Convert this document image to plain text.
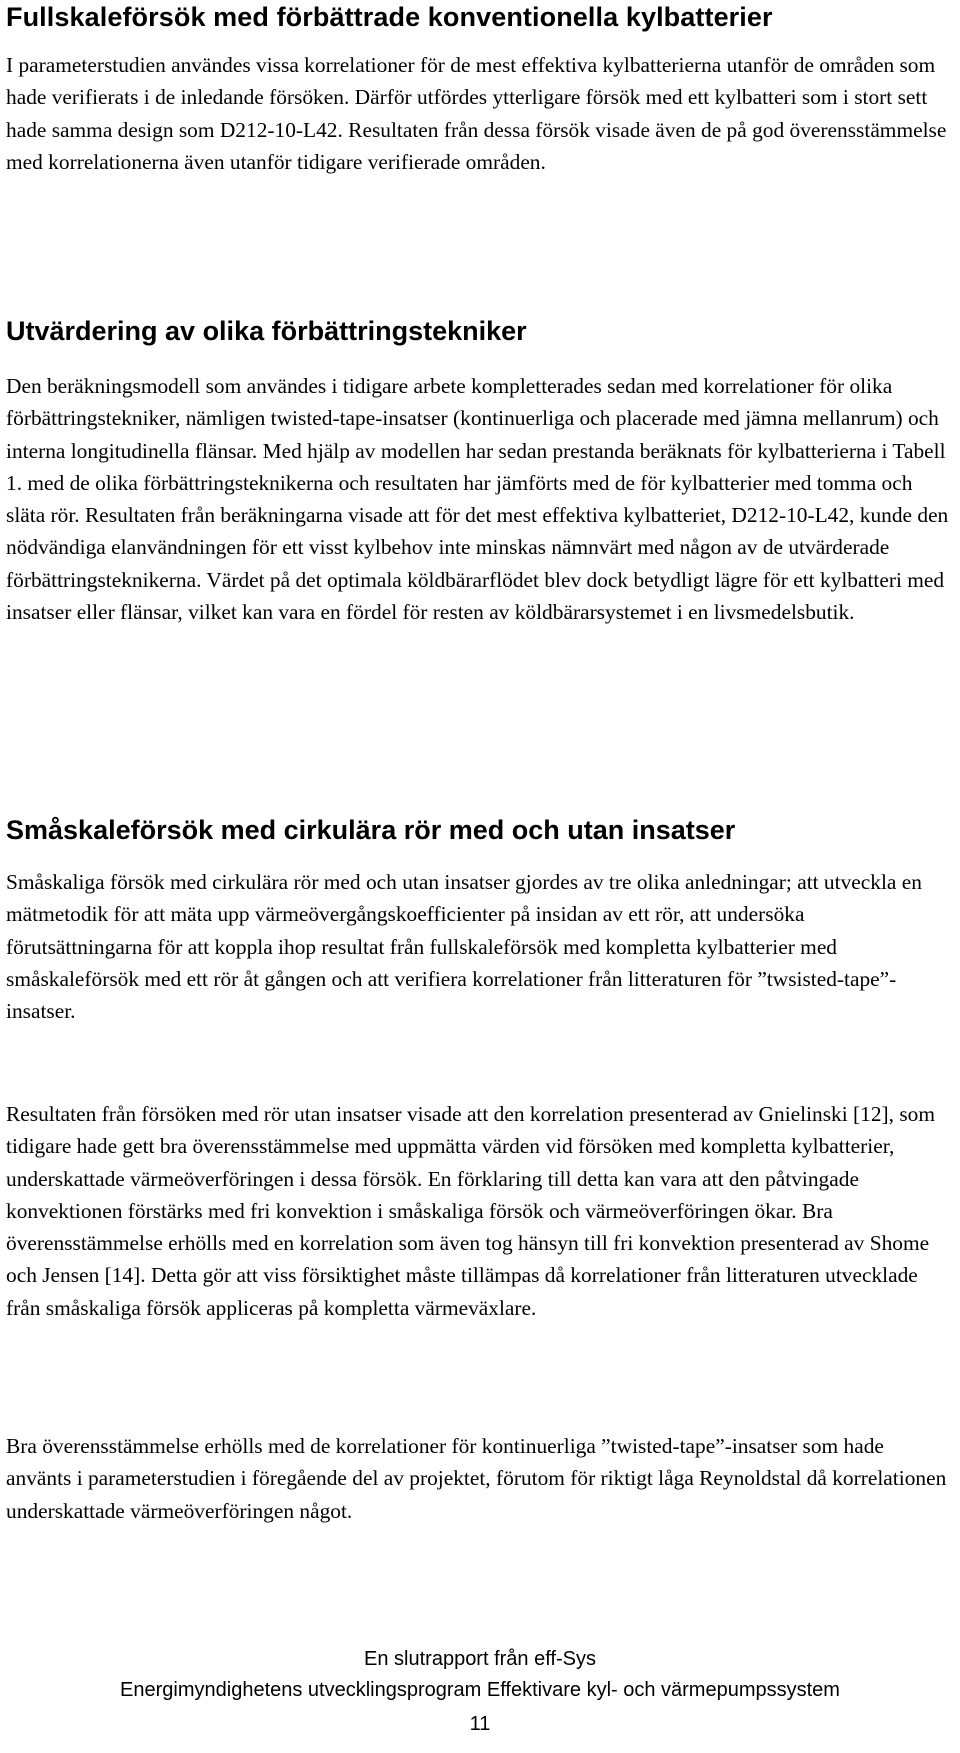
Fullskaleförsök med förbättrade konventionella kylbatterier

I parameterstudien användes vissa korrelationer för de mest effektiva kylbatterierna utanför de områden som hade verifierats i de inledande försöken. Därför utfördes ytterligare försök med ett kylbatteri som i stort sett hade samma design som D212-10-L42. Resultaten från dessa försök visade även de på god överensstämmelse med korrelationerna även utanför tidigare verifierade områden.

Utvärdering av olika förbättringstekniker

Den beräkningsmodell som användes i tidigare arbete kompletterades sedan med korrelationer för olika förbättringstekniker, nämligen twisted-tape-insatser (kontinuerliga och placerade med jämna mellanrum) och interna longitudinella flänsar. Med hjälp av modellen har sedan prestanda beräknats för kylbatterierna i Tabell 1. med de olika förbättringsteknikerna och resultaten har jämförts med de för kylbatterier med tomma och släta rör. Resultaten från beräkningarna visade att för det mest effektiva kylbatteriet, D212-10-L42, kunde den nödvändiga elanvändningen för ett visst kylbehov inte minskas nämnvärt med någon av de utvärderade förbättringsteknikerna. Värdet på det optimala köldbärarflödet blev dock betydligt lägre för ett kylbatteri med insatser eller flänsar, vilket kan vara en fördel för resten av köldbärarsystemet i en livsmedelsbutik.

Småskaleförsök med cirkulära rör med och utan insatser

Småskaliga försök med cirkulära rör med och utan insatser gjordes av tre olika anledningar; att utveckla en mätmetodik för att mäta upp värmeövergångskoefficienter på insidan av ett rör, att undersöka förutsättningarna för att koppla ihop resultat från fullskaleförsök med kompletta kylbatterier med småskaleförsök med ett rör åt gången och att verifiera korrelationer från litteraturen för ”twsisted-tape”-insatser.

Resultaten från försöken med rör utan insatser visade att den korrelation presenterad av Gnielinski [12], som tidigare hade gett bra överensstämmelse med uppmätta värden vid försöken med kompletta kylbatterier, underskattade värmeöverföringen i dessa försök. En förklaring till detta kan vara att den påtvingade konvektionen förstärks med fri konvektion i småskaliga försök och värmeöverföringen ökar. Bra överensstämmelse erhölls med en korrelation som även tog hänsyn till fri konvektion presenterad av Shome och Jensen [14]. Detta gör att viss försiktighet måste tillämpas då korrelationer från litteraturen utvecklade från småskaliga försök appliceras på kompletta värmeväxlare.

Bra överensstämmelse erhölls med de korrelationer för kontinuerliga ”twisted-tape”-insatser som hade använts i parameterstudien i föregående del av projektet, förutom för riktigt låga Reynoldstal då korrelationen underskattade värmeöverföringen något.

En slutrapport från eff-Sys
Energimyndighetens utvecklingsprogram Effektivare kyl- och värmepumpssystem
11
